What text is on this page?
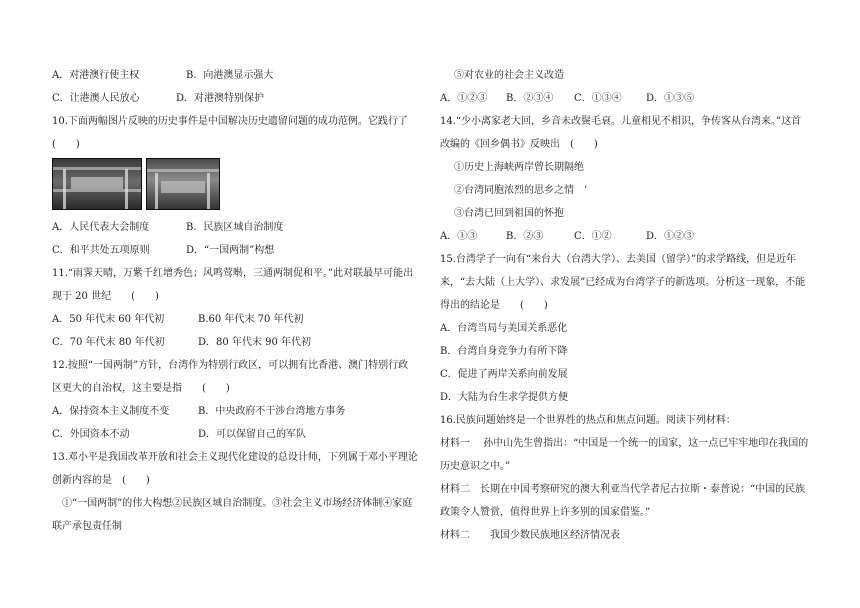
A．对港澳行使主权	B．向港澳显示强大
C．让港澳人民放心	D．对港澳特别保护
10.下面两幅图片反映的历史事件是中国解决历史遗留问题的成功范例。它践行了
(　　)
A．人民代表大会制度	B．民族区域自治制度
C．和平共处五项原则	D．“一国两制”构想
11.“雨霁天晴，万紫千红增秀色；风鸣莺啭，三通两制促和平。”此对联最早可能出
现于 20 世纪　　(　　)
A．50 年代末 60 年代初	B.60 年代末 70 年代初
C．70 年代末 80 年代初	D．80 年代末 90 年代初
12.按照“一国两制”方针，台湾作为特别行政区，可以拥有比香港、澳门特别行政
区更大的自治权，这主要是指　　(　　)
A．保持资本主义制度不变	B．中央政府不干涉台湾地方事务
C．外国资本不动	D．可以保留自己的军队
13.邓小平是我国改革开放和社会主义现代化建设的总设计师，下列属于邓小平理论
创新内容的是　(　　)
①“一国两制”的伟大构想②民族区域自治制度。③社会主义市场经济体制④家庭
联产承包责任制
⑤对农业的社会主义改造
A．①②③	B．②③④	C．①③④	D．①③⑤
14.“少小离家老大回，乡音未改鬓毛衰。儿童相见不相识，争传客从台湾来。”这首
改编的《回乡偶书》反映出　(　　)
①历史上海峡两岸曾长期隔绝
②台湾同胞浓烈的思乡之情　’
③台湾已回到祖国的怀抱
A．①③	B．②③	C．①②	D．①②③
15.台湾学子一向有“来台大（台湾大学）、去美国（留学）”的求学路线，但是近年
来，“去大陆（上大学）、求发展”已经成为台湾学子的新选项。分析这一现象，不能
得出的结论是　　(　　)
A．台湾当局与美国关系恶化
B．台湾自身竞争力有所下降
C．促进了两岸关系向前发展
D．大陆为台生求学提供方便
16.民族问题始终是一个世界性的热点和焦点问题。阅读下列材料：
材料一　 孙中山先生曾指出：“中国是一个统一的国家，这一点已牢牢地印在我国的
历史意识之中。”
材料二　长期在中国考察研究的澳大利亚当代学者尼古拉斯・泰普说：“中国的民族
政策令人赞赏，值得世界上许多别的国家借鉴。”
材料二　　我国少数民族地区经济情况表
